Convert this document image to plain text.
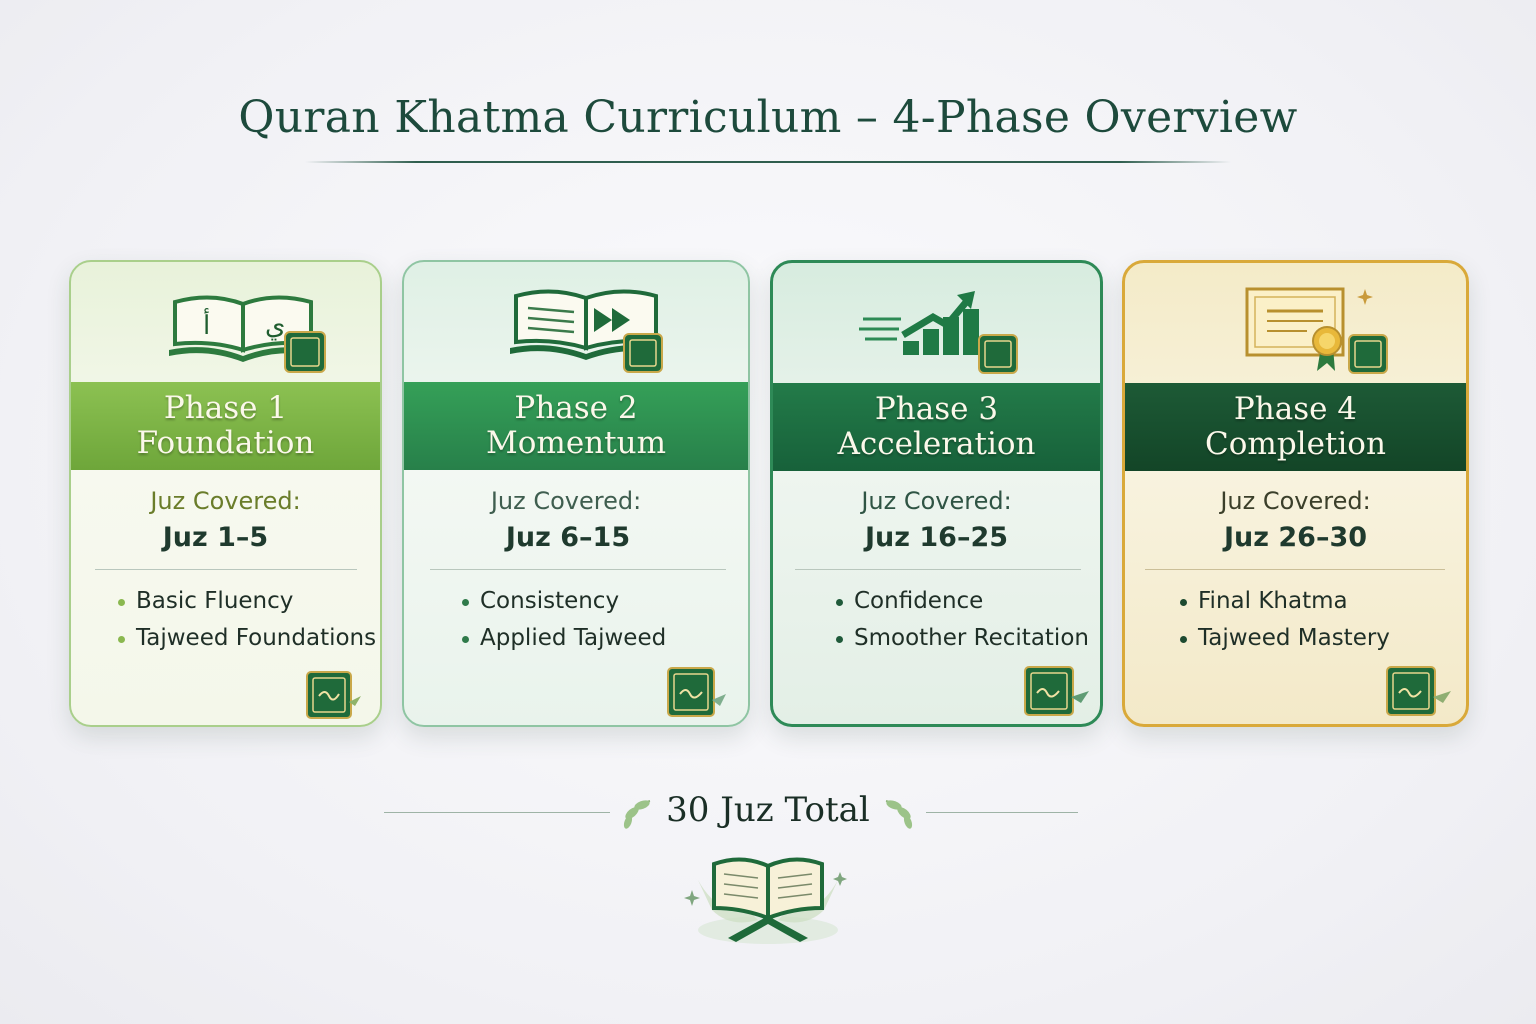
Quran Khatma Curriculum – 4-Phase Overview
أ ي
Phase 1
Foundation
Juz Covered:
Juz 1–5
Basic Fluency
Tajweed Foundations
Phase 2
Momentum
Juz Covered:
Juz 6–15
Consistency
Applied Tajweed
Phase 3
Acceleration
Juz Covered:
Juz 16–25
Confidence
Smoother Recitation
Phase 4
Completion
Juz Covered:
Juz 26–30
Final Khatma
Tajweed Mastery
30 Juz Total
